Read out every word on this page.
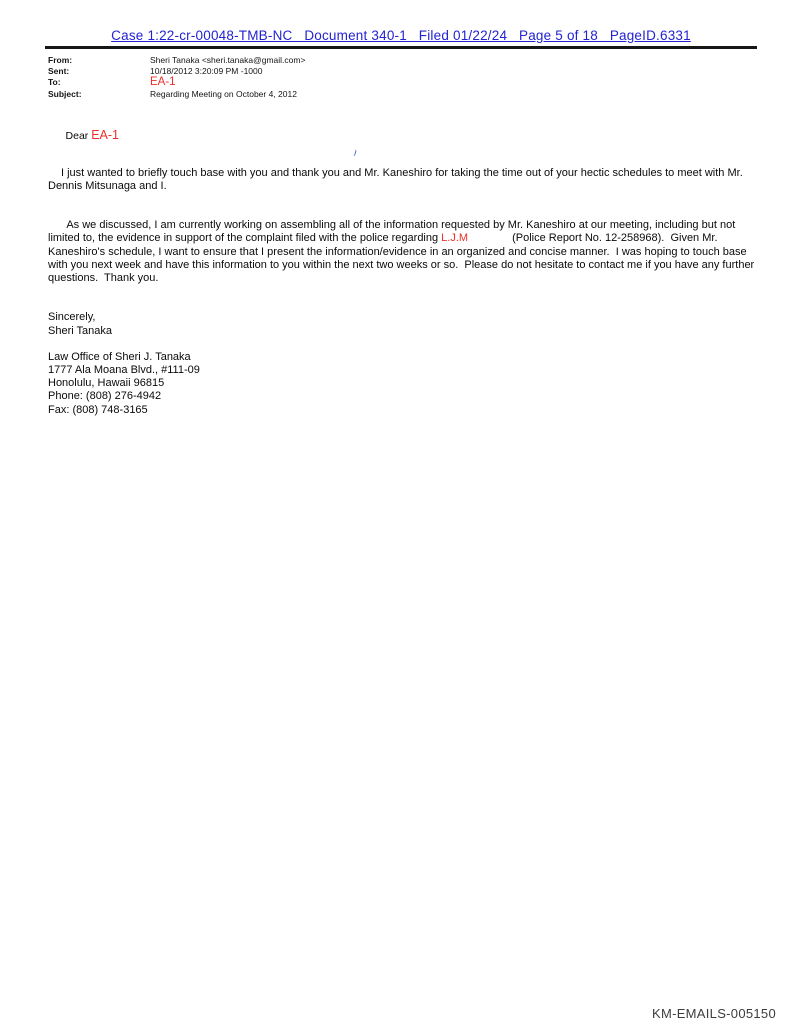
Case 1:22-cr-00048-TMB-NC   Document 340-1   Filed 01/22/24   Page 5 of 18   PageID.6331
From:	Sheri Tanaka <sheri.tanaka@gmail.com>
Sent:	10/18/2012 3:20:09 PM -1000
To:	EA-1
Subject:	Regarding Meeting on October 4, 2012

Dear EA-1

I just wanted to briefly touch base with you and thank you and Mr. Kaneshiro for taking the time out of your hectic schedules to meet with Mr. Dennis Mitsunaga and I.

As we discussed, I am currently working on assembling all of the information requested by Mr. Kaneshiro at our meeting, including but not limited to, the evidence in support of the complaint filed with the police regarding L.J.M	(Police Report No. 12-258968).  Given Mr. Kaneshiro's schedule, I want to ensure that I present the information/evidence in an organized and concise manner.  I was hoping to touch base with you next week and have this information to you within the next two weeks or so.  Please do not hesitate to contact me if you have any further questions.  Thank you.

Sincerely,
Sheri Tanaka
Law Office of Sheri J. Tanaka
1777 Ala Moana Blvd., #111-09
Honolulu, Hawaii 96815
Phone: (808) 276-4942
Fax: (808) 748-3165
KM-EMAILS-005150
